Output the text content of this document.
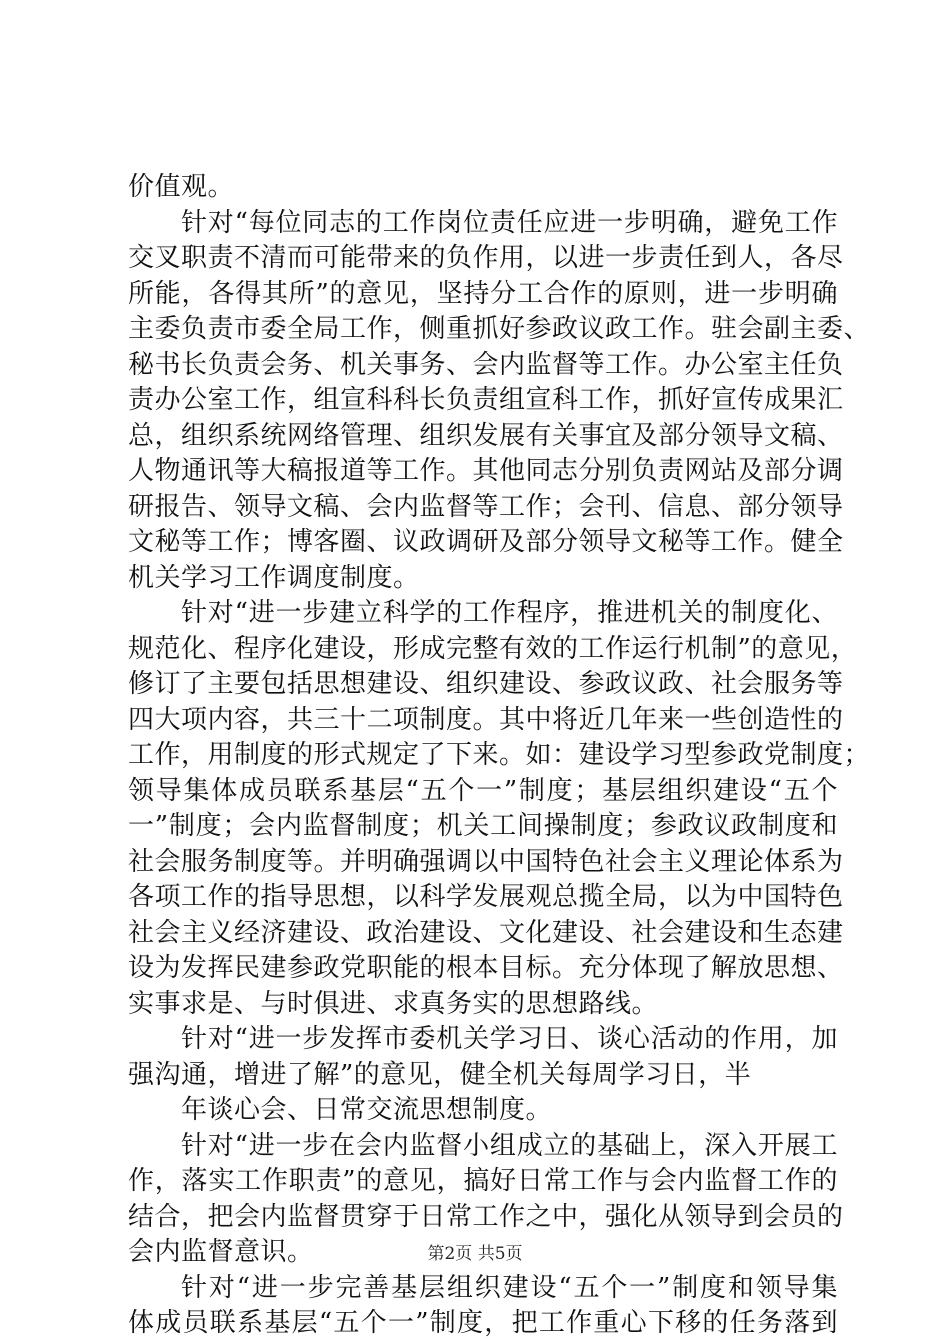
价值观。
针对“每位同志的工作岗位责任应进一步明确，避免工作
交叉职责不清而可能带来的负作用，以进一步责任到人，各尽
所能，各得其所”的意见，坚持分工合作的原则，进一步明确
主委负责市委全局工作，侧重抓好参政议政工作。驻会副主委、
秘书长负责会务、机关事务、会内监督等工作。办公室主任负
责办公室工作，组宣科科长负责组宣科工作，抓好宣传成果汇
总，组织系统网络管理、组织发展有关事宜及部分领导文稿、
人物通讯等大稿报道等工作。其他同志分别负责网站及部分调
研报告、领导文稿、会内监督等工作；会刊、信息、部分领导
文秘等工作；博客圈、议政调研及部分领导文秘等工作。健全
机关学习工作调度制度。
针对“进一步建立科学的工作程序，推进机关的制度化、
规范化、程序化建设，形成完整有效的工作运行机制”的意见，
修订了主要包括思想建设、组织建设、参政议政、社会服务等
四大项内容，共三十二项制度。其中将近几年来一些创造性的
工作，用制度的形式规定了下来。如：建设学习型参政党制度；
领导集体成员联系基层“五个一”制度；基层组织建设“五个
一”制度；会内监督制度；机关工间操制度；参政议政制度和
社会服务制度等。并明确强调以中国特色社会主义理论体系为
各项工作的指导思想，以科学发展观总揽全局，以为中国特色
社会主义经济建设、政治建设、文化建设、社会建设和生态建
设为发挥民建参政党职能的根本目标。充分体现了解放思想、
实事求是、与时俱进、求真务实的思想路线。
针对“进一步发挥市委机关学习日、谈心活动的作用，加
强沟通，增进了解”的意见，健全机关每周学习日，半
年谈心会、日常交流思想制度。
针对“进一步在会内监督小组成立的基础上，深入开展工
作，落实工作职责”的意见，搞好日常工作与会内监督工作的
结合，把会内监督贯穿于日常工作之中，强化从领导到会员的
会内监督意识。
针对“进一步完善基层组织建设“五个一”制度和领导集
体成员联系基层“五个一”制度，把工作重心下移的任务落到
第2页 共5页
